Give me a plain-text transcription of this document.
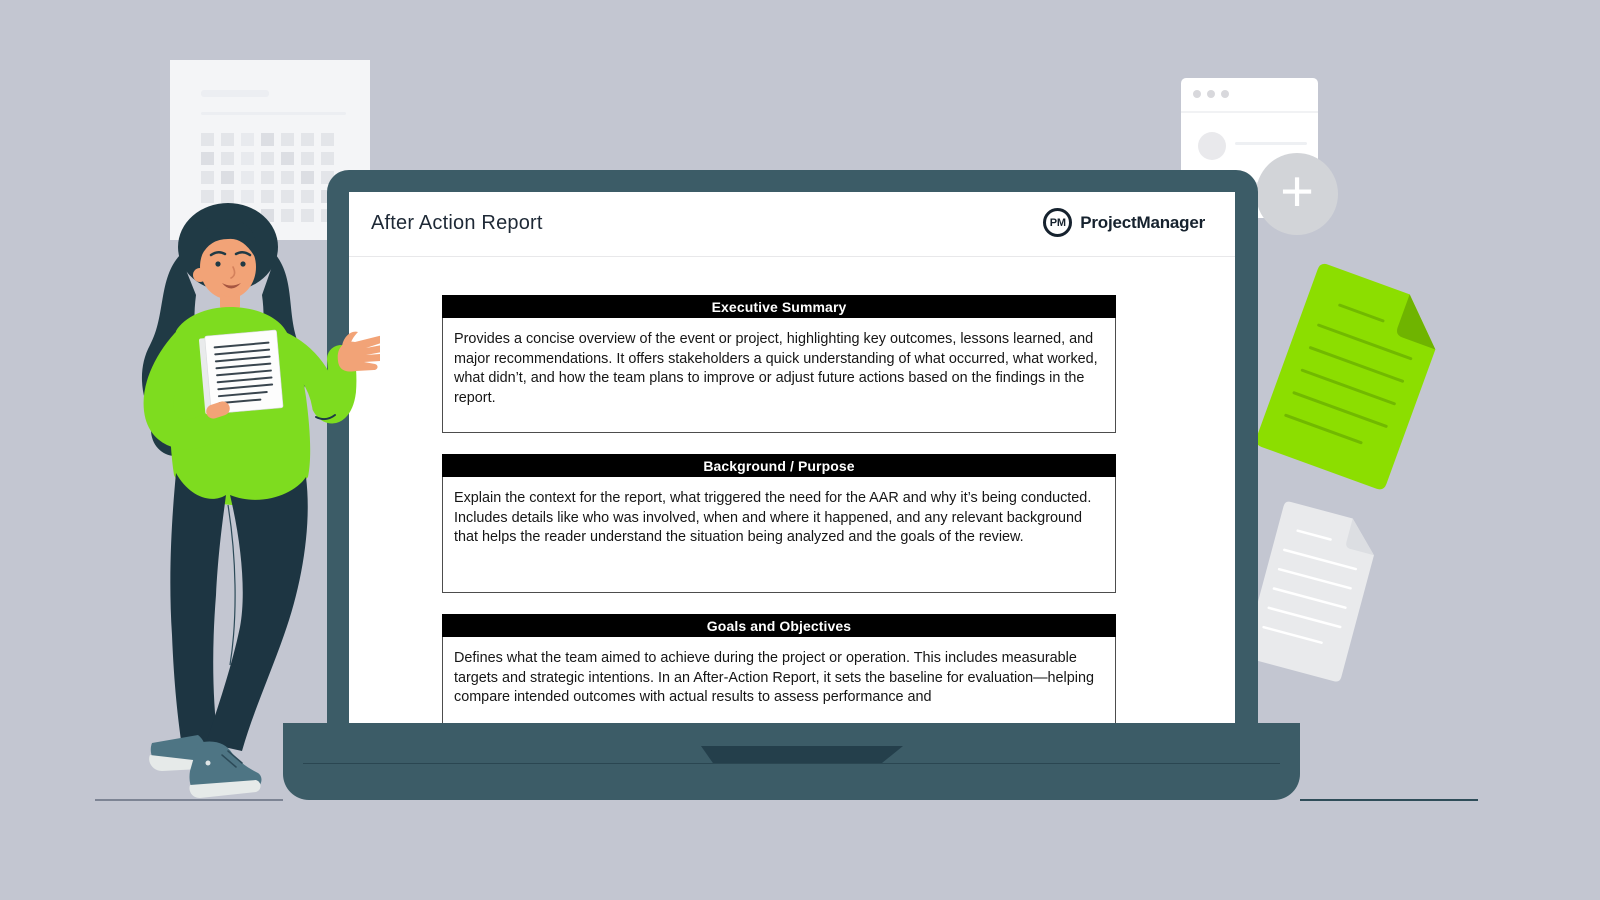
+
After Action Report	PM ProjectManager
Executive Summary
Provides a concise overview of the event or project, highlighting key outcomes, lessons learned, and major recommendations. It offers stakeholders a quick understanding of what occurred, what worked, what didn’t, and how the team plans to improve or adjust future actions based on the findings in the report.
Background / Purpose
Explain the context for the report, what triggered the need for the AAR and why it’s being conducted. Includes details like who was involved, when and where it happened, and any relevant background that helps the reader understand the situation being analyzed and the goals of the review.
Goals and Objectives
Defines what the team aimed to achieve during the project or operation. This includes measurable targets and strategic intentions. In an After-Action Report, it sets the baseline for evaluation—helping compare intended outcomes with actual results to assess performance and
